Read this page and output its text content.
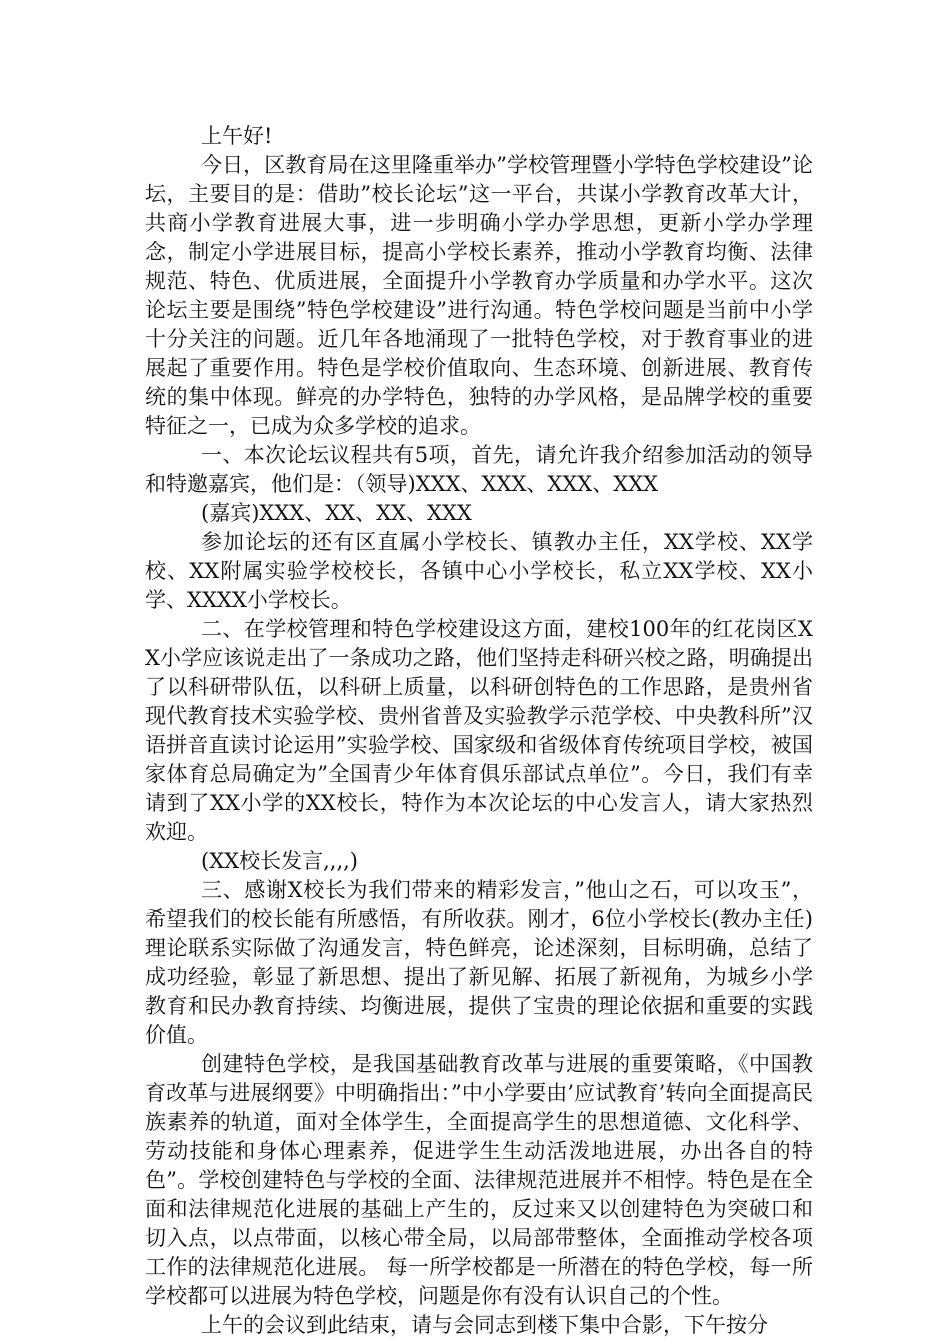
上午好!

今日，区教育局在这里隆重举办”学校管理暨小学特色学校建设”论坛，主要目的是：借助”校长论坛”这一平台，共谋小学教育改革大计，共商小学教育进展大事，进一步明确小学办学思想，更新小学办学理念，制定小学进展目标，提高小学校长素养，推动小学教育均衡、法律规范、特色、优质进展，全面提升小学教育办学质量和办学水平。这次论坛主要是围绕”特色学校建设”进行沟通。特色学校问题是当前中小学十分关注的问题。近几年各地涌现了一批特色学校，对于教育事业的进展起了重要作用。特色是学校价值取向、生态环境、创新进展、教育传统的集中体现。鲜亮的办学特色，独特的办学风格，是品牌学校的重要特征之一，已成为众多学校的追求。

一、本次论坛议程共有5项，首先，请允许我介绍参加活动的领导和特邀嘉宾，他们是：（领导)XXX、XXX、XXX、XXX

(嘉宾)XXX、XX、XX、XXX

参加论坛的还有区直属小学校长、镇教办主任，XX学校、XX学校、XX附属实验学校校长，各镇中心小学校长，私立XX学校、XX小学、XXXX小学校长。

二、在学校管理和特色学校建设这方面，建校100年的红花岗区XX小学应该说走出了一条成功之路，他们坚持走科研兴校之路，明确提出了以科研带队伍，以科研上质量，以科研创特色的工作思路，是贵州省现代教育技术实验学校、贵州省普及实验教学示范学校、中央教科所”汉语拼音直读讨论运用”实验学校、国家级和省级体育传统项目学校，被国家体育总局确定为”全国青少年体育俱乐部试点单位”。今日，我们有幸请到了XX小学的XX校长，特作为本次论坛的中心发言人，请大家热烈欢迎。

(XX校长发言,,,,)

三、感谢X校长为我们带来的精彩发言，”他山之石，可以攻玉”，希望我们的校长能有所感悟，有所收获。刚才，6位小学校长(教办主任)理论联系实际做了沟通发言，特色鲜亮，论述深刻，目标明确，总结了成功经验，彰显了新思想、提出了新见解、拓展了新视角，为城乡小学教育和民办教育持续、均衡进展，提供了宝贵的理论依据和重要的实践价值。

创建特色学校，是我国基础教育改革与进展的重要策略，《中国教育改革与进展纲要》中明确指出：”中小学要由’应试教育’转向全面提高民族素养的轨道，面对全体学生，全面提高学生的思想道德、文化科学、劳动技能和身体心理素养，促进学生生动活泼地进展，办出各自的特色”。学校创建特色与学校的全面、法律规范进展并不相悖。特色是在全面和法律规范化进展的基础上产生的，反过来又以创建特色为突破口和切入点，以点带面，以核心带全局，以局部带整体，全面推动学校各项工作的法律规范化进展。 每一所学校都是一所潜在的特色学校，每一所学校都可以进展为特色学校，问题是你有没有认识自己的个性。

上午的会议到此结束，请与会同志到楼下集中合影，下午按分
